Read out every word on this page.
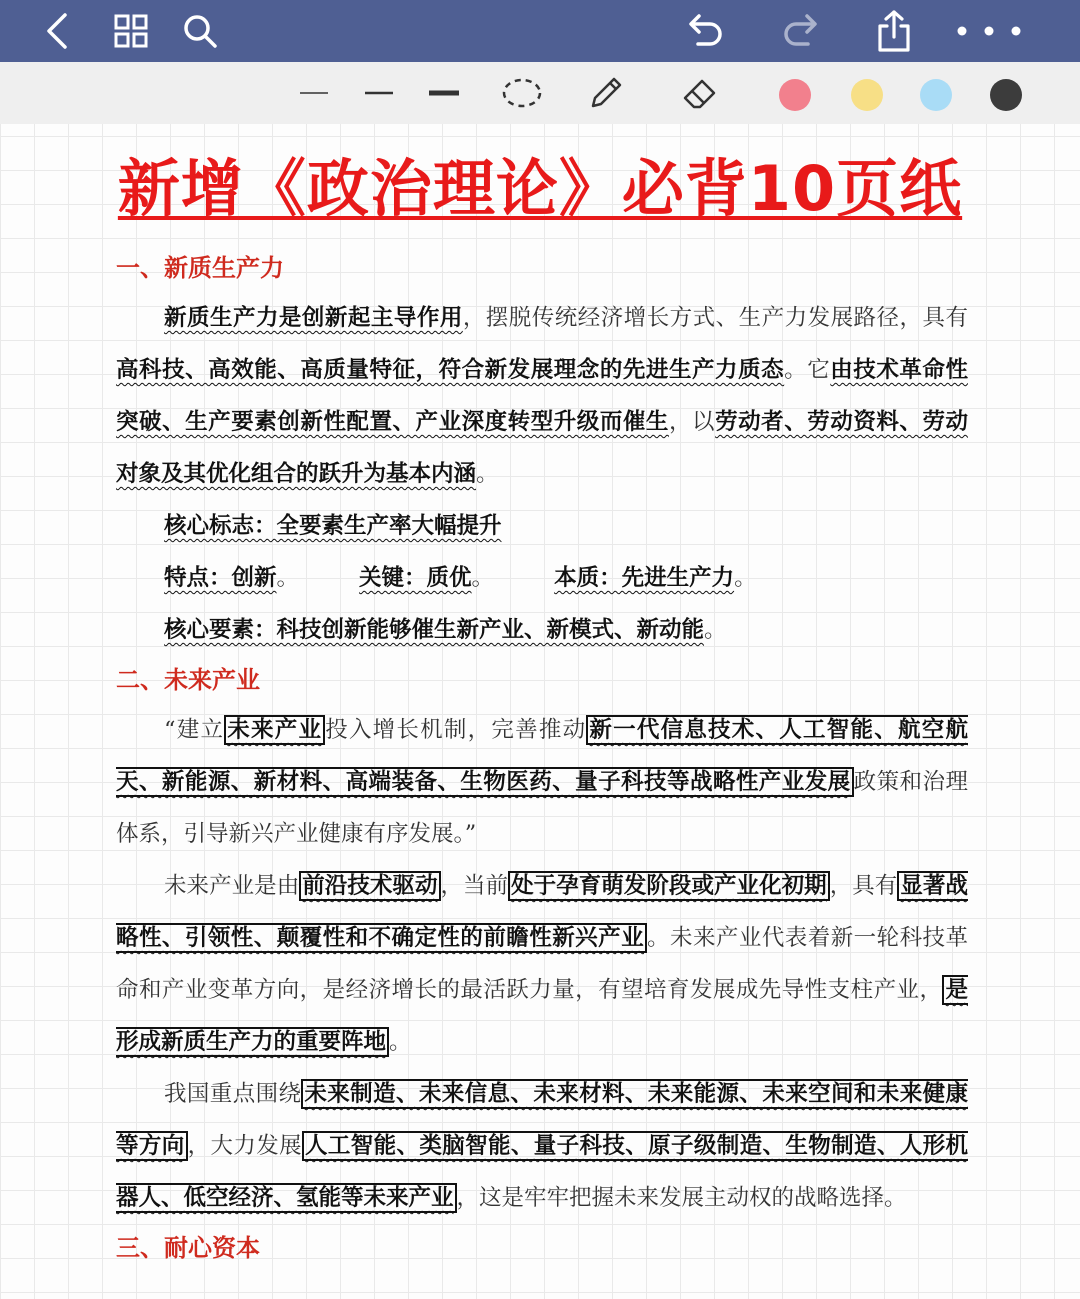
新增《政治理论》必背10页纸
一、新质生产力

新质生产力是创新起主导作用，摆脱传统经济增长方式、生产力发展路径，具有高科技、高效能、高质量特征，符合新发展理念的先进生产力质态。它由技术革命性突破、生产要素创新性配置、产业深度转型升级而催生，以劳动者、劳动资料、劳动对象及其优化组合的跃升为基本内涵。

核心标志：全要素生产率大幅提升

特点：创新。	关键：质优。	本质：先进生产力。

核心要素：科技创新能够催生新产业、新模式、新动能。

二、未来产业

“建立 未来产业 投入增长机制，完善推动 新一代信息技术、人工智能、航空航天、新能源、新材料、高端装备、生物医药、量子科技等战略性产业发展 政策和治理体系，引导新兴产业健康有序发展。”

未来产业是由 前沿技术驱动 ，当前 处于孕育萌发阶段或产业化初期 ，具有 显著战略性、引领性、颠覆性和不确定性的前瞻性新兴产业 。未来产业代表着新一轮科技革命和产业变革方向，是经济增长的最活跃力量，有望培育发展成先导性支柱产业， 是形成新质生产力的重要阵地 。

我国重点围绕 未来制造、未来信息、未来材料、未来能源、未来空间和未来健康等方向 ，大力发展 人工智能、类脑智能、量子科技、原子级制造、生物制造、人形机器人、低空经济、氢能等未来产业 ，这是牢牢把握未来发展主动权的战略选择。

三、耐心资本
